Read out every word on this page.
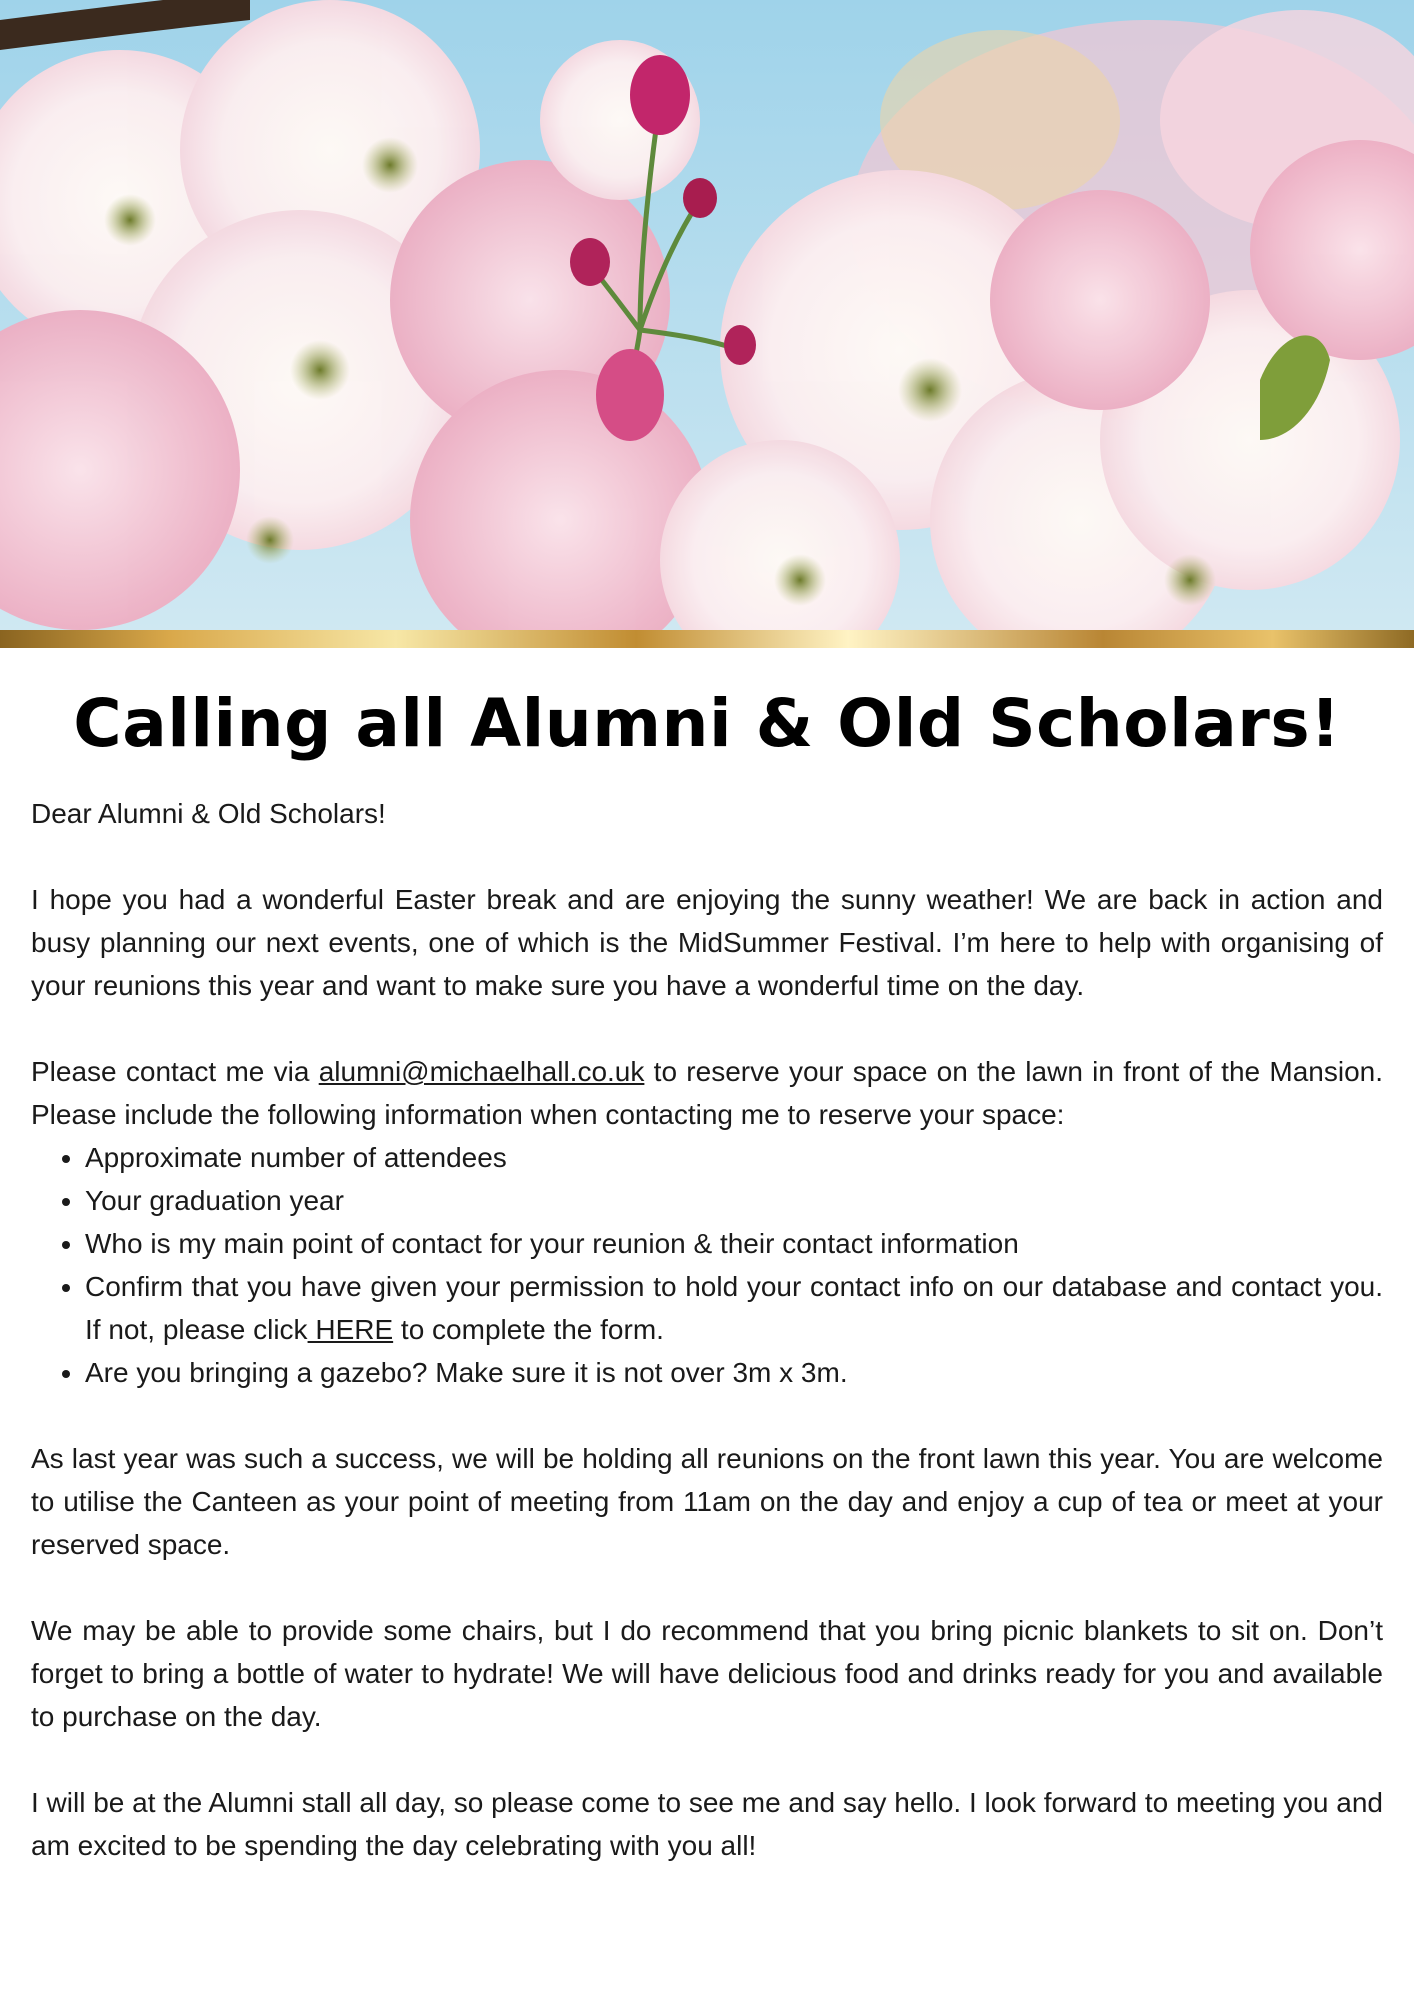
Calling all Alumni & Old Scholars!

Dear Alumni & Old Scholars!

I hope you had a wonderful Easter break and are enjoying the sunny weather! We are back in action and busy planning our next events, one of which is the MidSummer Festival. I’m here to help with organising of your reunions this year and want to make sure you have a wonderful time on the day.

Please contact me via alumni@michaelhall.co.uk to reserve your space on the lawn in front of the Mansion. Please include the following information when contacting me to reserve your space:

• Approximate number of attendees
• Your graduation year
• Who is my main point of contact for your reunion & their contact information
• Confirm that you have given your permission to hold your contact info on our database and contact you. If not, please click HERE to complete the form.
• Are you bringing a gazebo? Make sure it is not over 3m x 3m.

As last year was such a success, we will be holding all reunions on the front lawn this year. You are welcome to utilise the Canteen as your point of meeting from 11am on the day and enjoy a cup of tea or meet at your reserved space.

We may be able to provide some chairs, but I do recommend that you bring picnic blankets to sit on. Don’t forget to bring a bottle of water to hydrate! We will have delicious food and drinks ready for you and available to purchase on the day.

I will be at the Alumni stall all day, so please come to see me and say hello. I look forward to meeting you and am excited to be spending the day celebrating with you all!
